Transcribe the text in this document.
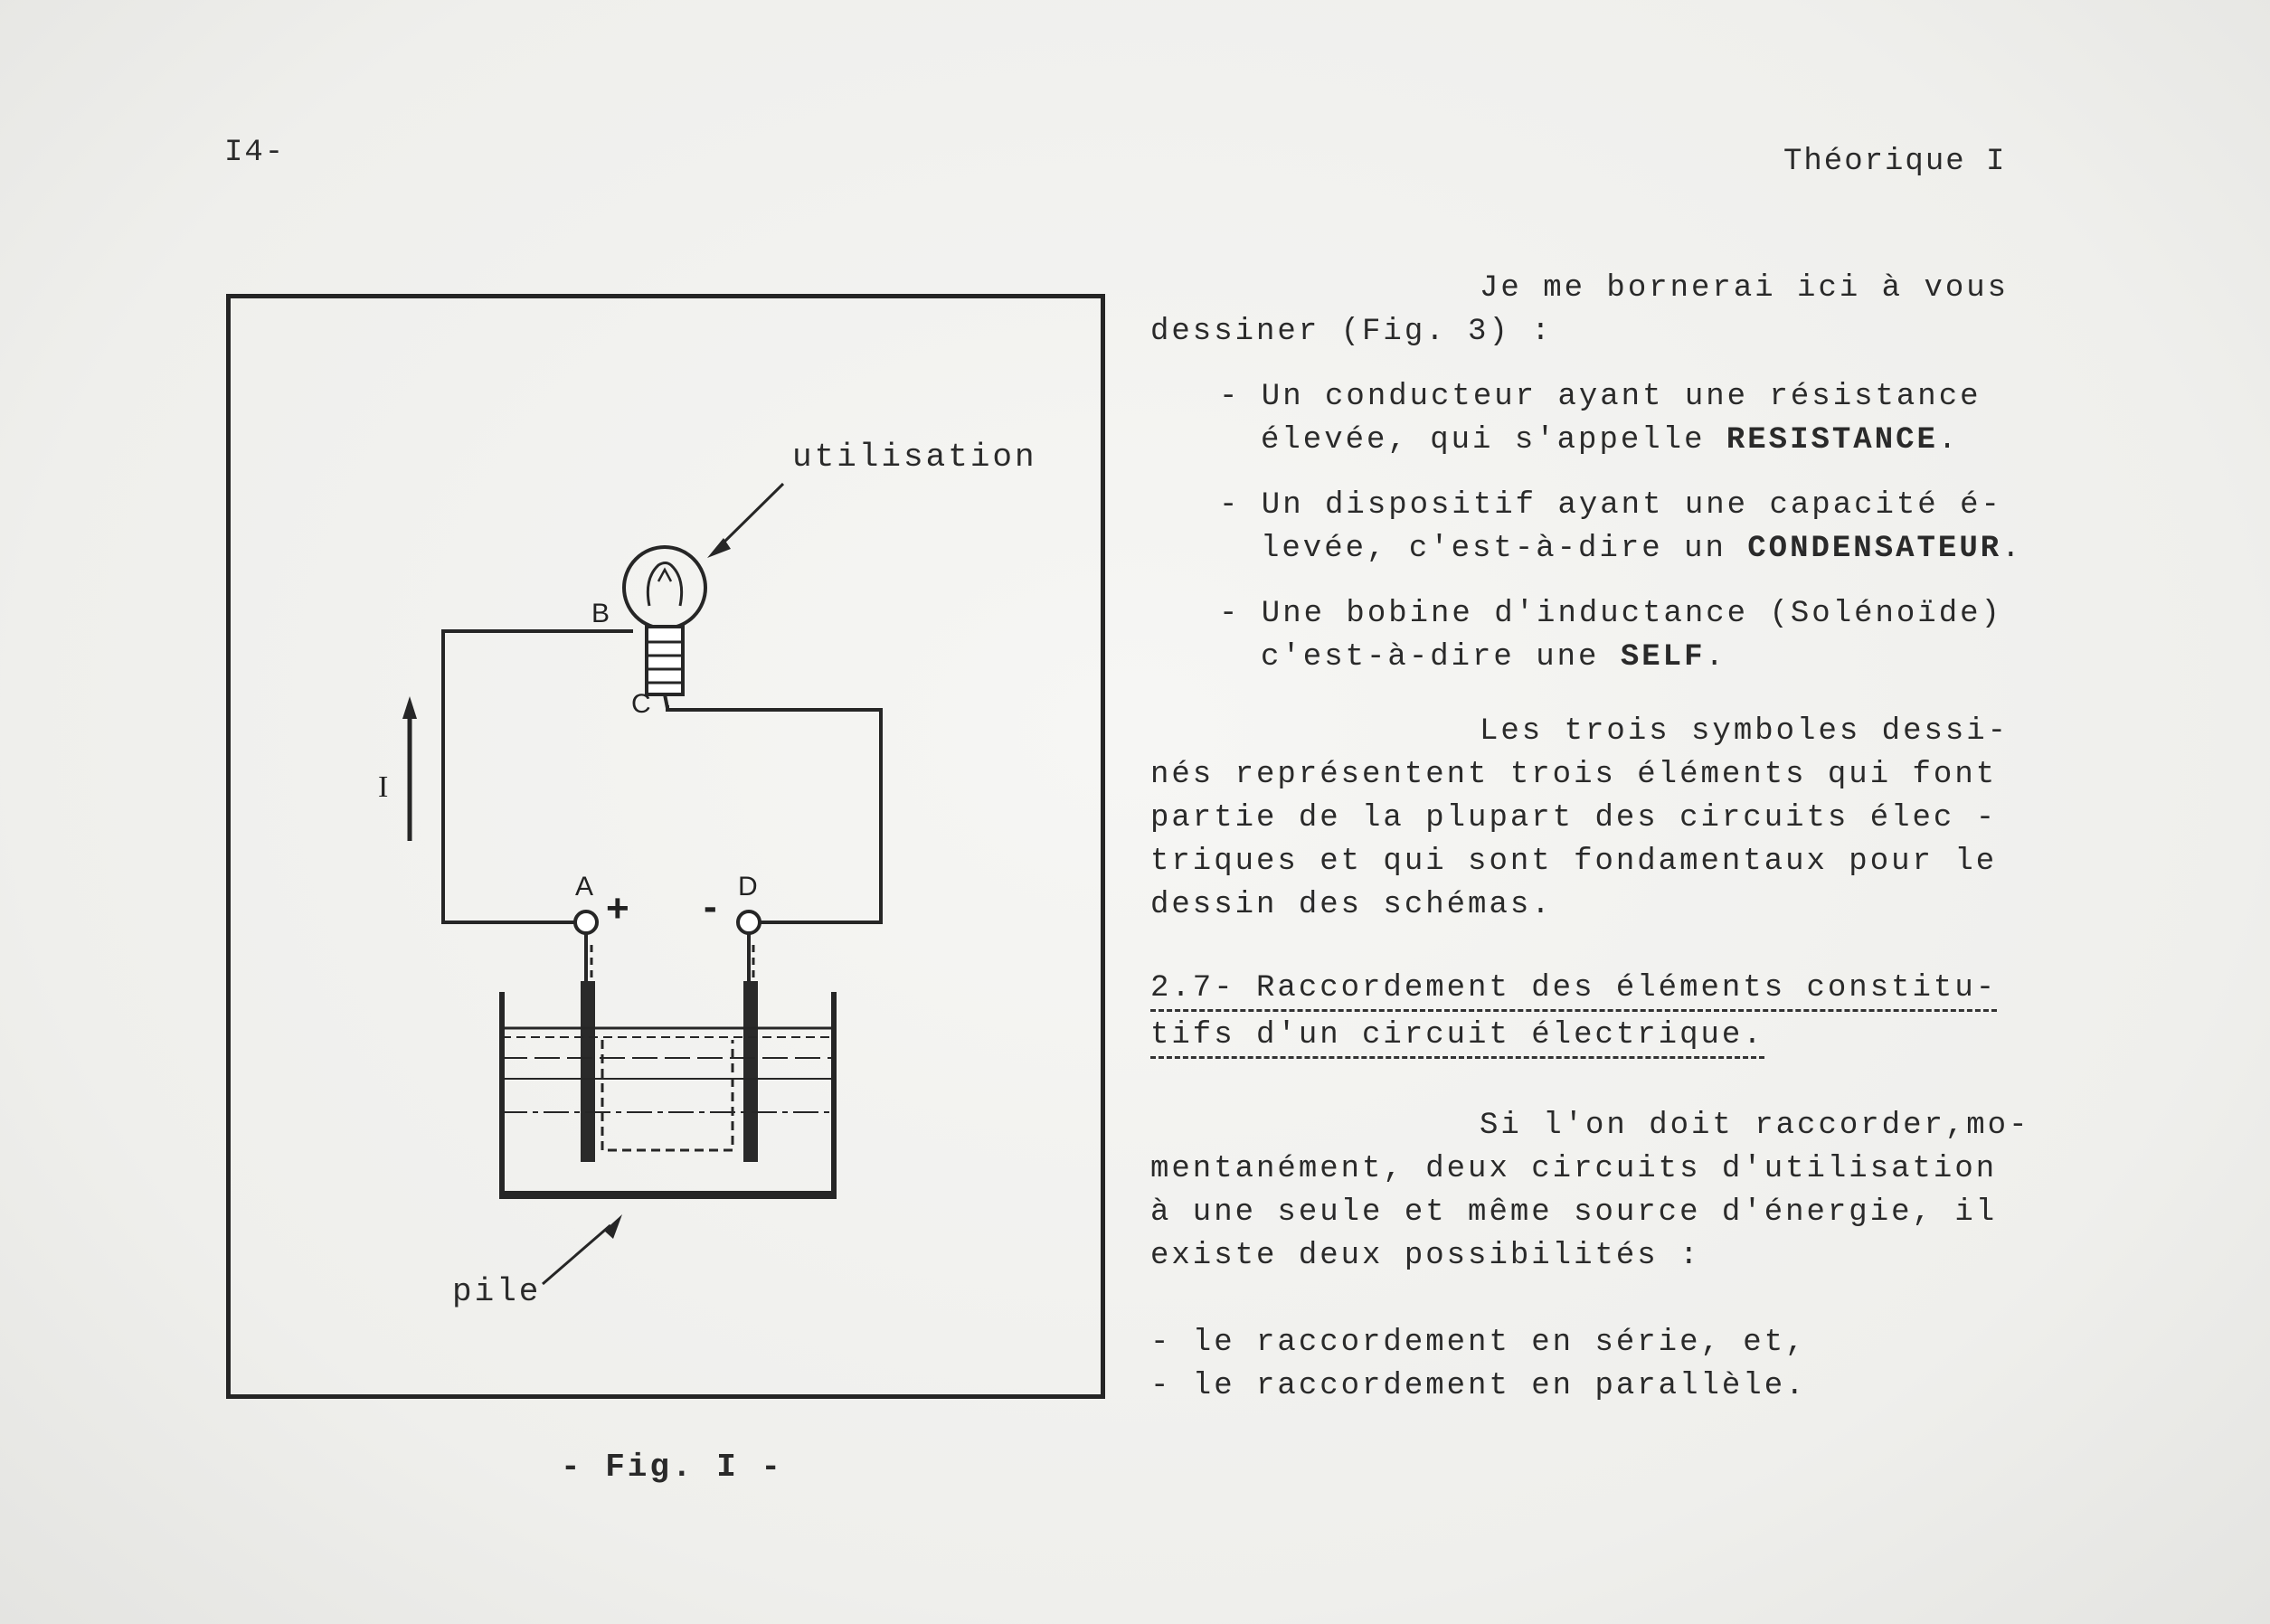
I4-	Théorique I
utilisation
pile
B
C
A	D
I
+ -
- Fig. I -
Je me bornerai ici à vous
dessiner (Fig. 3) :
- Un conducteur ayant une résistance
élevée, qui s'appelle RESISTANCE.
- Un dispositif ayant une capacité é-
levée, c'est-à-dire un CONDENSATEUR.
- Une bobine d'inductance (Solénoïde)
c'est-à-dire une SELF.
Les trois symboles dessi-
nés représentent trois éléments qui font
partie de la plupart des circuits élec -
triques et qui sont fondamentaux pour le
dessin des schémas.
2.7- Raccordement des éléments constitu-
tifs d'un circuit électrique.
Si l'on doit raccorder,mo-
mentanément, deux circuits d'utilisation
à une seule et même source d'énergie, il
existe deux possibilités :
- le raccordement en série, et,
- le raccordement en parallèle.
